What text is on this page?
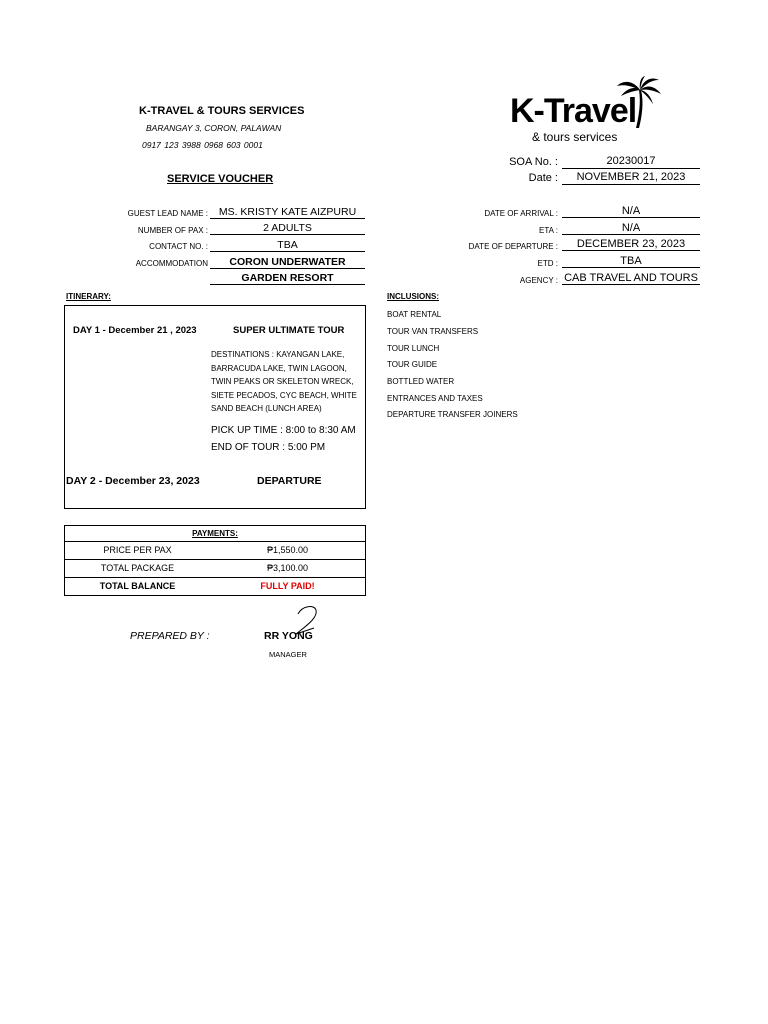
K-TRAVEL & TOURS SERVICES
BARANGAY 3, CORON, PALAWAN
0917 123 3988 0968 603 0001
SERVICE VOUCHER
K-Travel
& tours services
SOA No. :	20230017
Date :	NOVEMBER 21, 2023
GUEST LEAD NAME :	MS. KRISTY KATE AIZPURU
NUMBER OF PAX :	2 ADULTS
CONTACT NO. :	TBA
ACCOMMODATION	CORON UNDERWATER
GARDEN RESORT
DATE OF ARRIVAL :	N/A
ETA :	N/A
DATE OF DEPARTURE :	DECEMBER 23, 2023
ETD :	TBA
AGENCY : CAB TRAVEL AND TOURS
ITINERARY:
DAY 1 - December 21 , 2023	SUPER ULTIMATE TOUR
DESTINATIONS : KAYANGAN LAKE,
BARRACUDA LAKE, TWIN LAGOON,
TWIN PEAKS OR SKELETON WRECK,
SIETE PECADOS, CYC BEACH, WHITE
SAND BEACH (LUNCH AREA)
PICK UP TIME : 8:00 to 8:30 AM
END OF TOUR : 5:00 PM
DAY 2 - December 23, 2023	DEPARTURE
INCLUSIONS:
BOAT RENTAL
TOUR VAN TRANSFERS
TOUR LUNCH
TOUR GUIDE
BOTTLED WATER
ENTRANCES AND TAXES
DEPARTURE TRANSFER JOINERS
PAYMENTS:
PRICE PER PAX	₱1,550.00
TOTAL PACKAGE	₱3,100.00
TOTAL BALANCE	FULLY PAID!
PREPARED BY :	RR YONG
MANAGER
